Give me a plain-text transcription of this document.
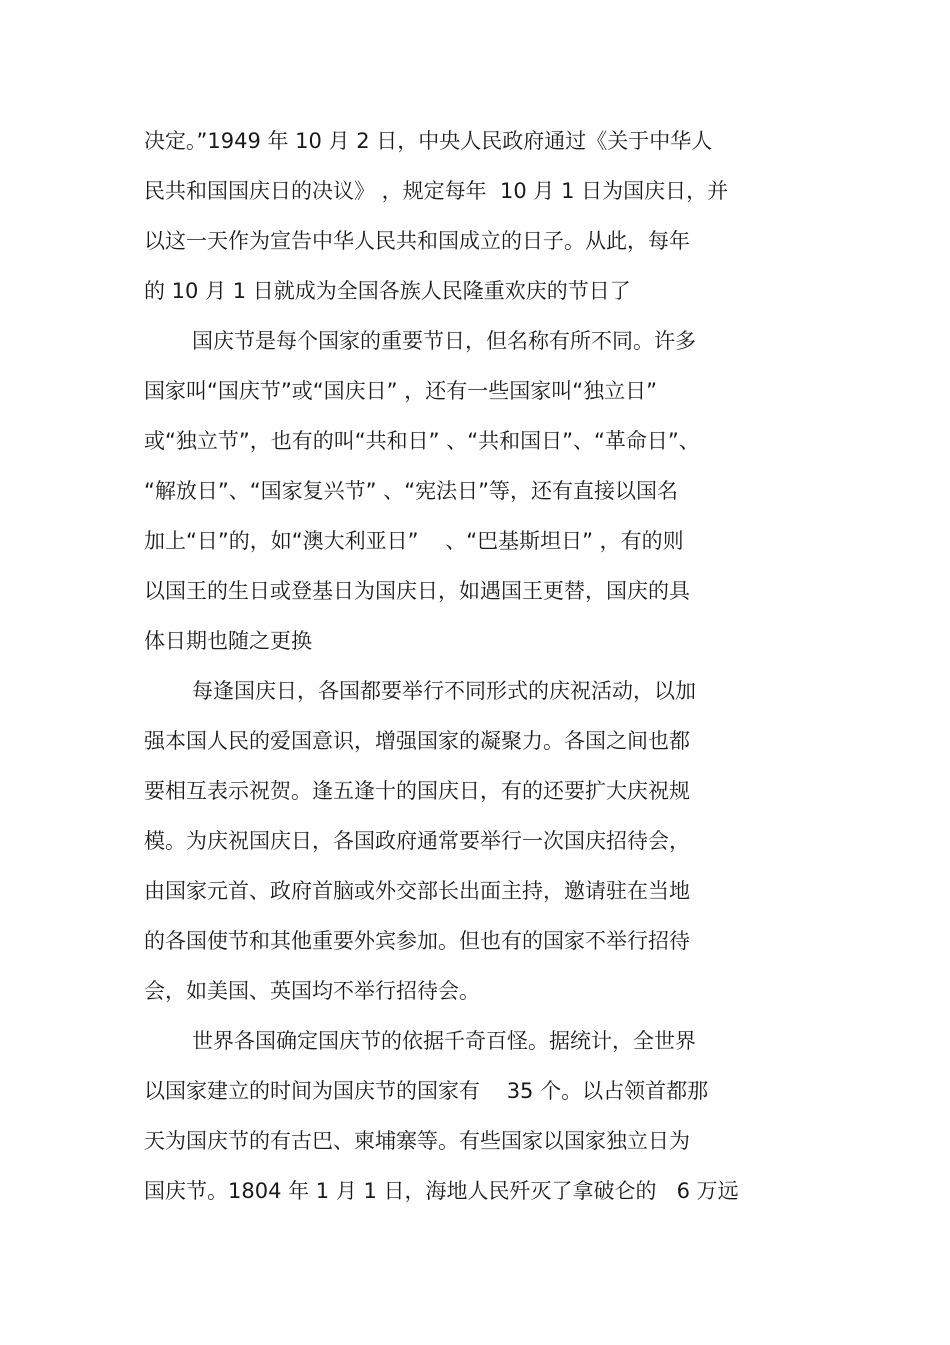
决定。”1949 年 10 月 2 日，中央人民政府通过《关于中华人
民共和国国庆日的决议》 ，规定每年  10 月 1 日为国庆日，并
以这一天作为宣告中华人民共和国成立的日子。从此，每年
的 10 月 1 日就成为全国各族人民隆重欢庆的节日了
国庆节是每个国家的重要节日，但名称有所不同。许多
国家叫“国庆节”或“国庆日” ，还有一些国家叫“独立日”
或“独立节”，也有的叫“共和日” 、“共和国日”、“革命日”、
“解放日”、“国家复兴节” 、“宪法日”等，还有直接以国名
加上“日”的，如“澳大利亚日”    、“巴基斯坦日” ，有的则
以国王的生日或登基日为国庆日，如遇国王更替，国庆的具
体日期也随之更换
每逢国庆日，各国都要举行不同形式的庆祝活动，以加
强本国人民的爱国意识，增强国家的凝聚力。各国之间也都
要相互表示祝贺。逢五逢十的国庆日，有的还要扩大庆祝规
模。为庆祝国庆日，各国政府通常要举行一次国庆招待会，
由国家元首、政府首脑或外交部长出面主持，邀请驻在当地
的各国使节和其他重要外宾参加。但也有的国家不举行招待
会，如美国、英国均不举行招待会。
世界各国确定国庆节的依据千奇百怪。据统计，全世界
以国家建立的时间为国庆节的国家有    35 个。以占领首都那
天为国庆节的有古巴、柬埔寨等。有些国家以国家独立日为
国庆节。1804 年 1 月 1 日，海地人民歼灭了拿破仑的   6 万远
